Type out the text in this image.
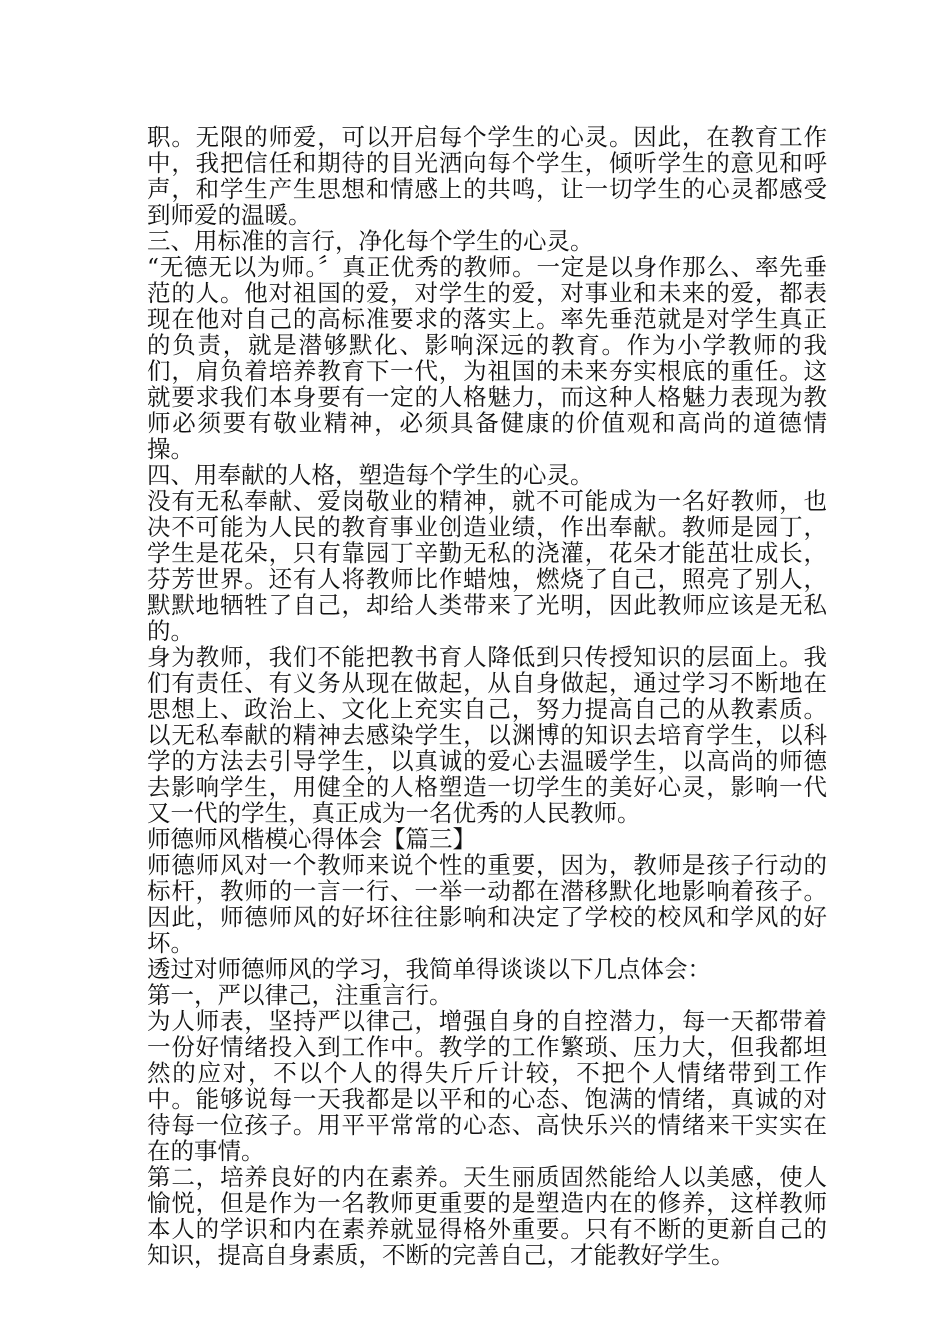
职。无限的师爱，可以开启每个学生的心灵。因此，在教育工作中，我把信任和期待的目光洒向每个学生，倾听学生的意见和呼声，和学生产生思想和情感上的共鸣，让一切学生的心灵都感受到师爱的温暖。

三、用标准的言行，净化每个学生的心灵。

“无德无以为师。〞真正优秀的教师。一定是以身作那么、率先垂范的人。他对祖国的爱，对学生的爱，对事业和未来的爱，都表现在他对自己的高标准要求的落实上。率先垂范就是对学生真正的负责，就是潜够默化、影响深远的教育。作为小学教师的我们，肩负着培养教育下一代，为祖国的未来夯实根底的重任。这就要求我们本身要有一定的人格魅力，而这种人格魅力表现为教师必须要有敬业精神，必须具备健康的价值观和高尚的道德情操。

四、用奉献的人格，塑造每个学生的心灵。

没有无私奉献、爱岗敬业的精神，就不可能成为一名好教师，也决不可能为人民的教育事业创造业绩，作出奉献。教师是园丁，学生是花朵，只有靠园丁辛勤无私的浇灌，花朵才能茁壮成长，芬芳世界。还有人将教师比作蜡烛，燃烧了自己，照亮了别人，默默地牺牲了自己，却给人类带来了光明，因此教师应该是无私的。

身为教师，我们不能把教书育人降低到只传授知识的层面上。我们有责任、有义务从现在做起，从自身做起，通过学习不断地在思想上、政治上、文化上充实自己，努力提高自己的从教素质。以无私奉献的精神去感染学生，以渊博的知识去培育学生，以科学的方法去引导学生，以真诚的爱心去温暖学生，以高尚的师德去影响学生，用健全的人格塑造一切学生的美好心灵，影响一代又一代的学生，真正成为一名优秀的人民教师。

师德师风楷模心得体会【篇三】

师德师风对一个教师来说个性的重要，因为，教师是孩子行动的标杆，教师的一言一行、一举一动都在潜移默化地影响着孩子。因此，师德师风的好坏往往影响和决定了学校的校风和学风的好坏。

透过对师德师风的学习，我简单得谈谈以下几点体会：

第一，严以律己，注重言行。

为人师表，坚持严以律己，增强自身的自控潜力，每一天都带着一份好情绪投入到工作中。教学的工作繁琐、压力大，但我都坦然的应对，不以个人的得失斤斤计较，不把个人情绪带到工作中。能够说每一天我都是以平和的心态、饱满的情绪，真诚的对待每一位孩子。用平平常常的心态、高快乐兴的情绪来干实实在在的事情。

第二，培养良好的内在素养。天生丽质固然能给人以美感，使人愉悦，但是作为一名教师更重要的是塑造内在的修养，这样教师本人的学识和内在素养就显得格外重要。只有不断的更新自己的知识，提高自身素质，不断的完善自己，才能教好学生。
